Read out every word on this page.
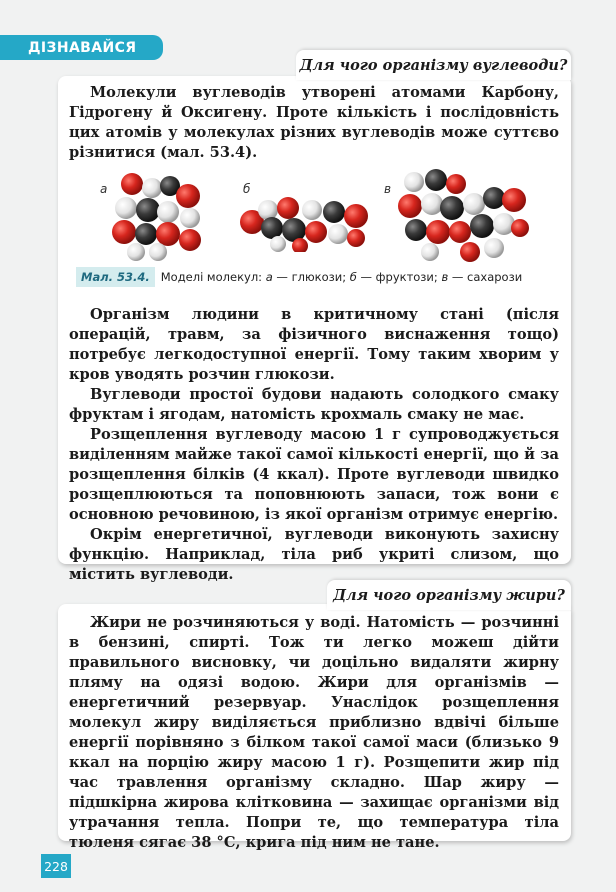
ДІЗНАВАЙСЯ
Для чого організму вуглеводи?

Молекули вуглеводів утворені атомами Карбону, Гідрогену й Оксигену. Проте кількість і послідовність цих атомів у молекулах різних вуглеводів може суттєво різнитися (мал. 53.4).

а	б	в
Мал. 53.4. Моделі молекул: а — глюкози; б — фруктози; в — сахарози

Організм людини в критичному стані (після операцій, травм, за фізичного виснаження тощо) потребує легкодоступної енергії. Тому таким хворим у кров уводять розчин глюкози.

Вуглеводи простої будови надають солодкого смаку фруктам і ягодам, натомість крохмаль смаку не має.

Розщеплення вуглеводу масою 1 г супроводжується виділенням майже такої самої кількості енергії, що й за розщеплення білків (4 ккал). Проте вуглеводи швидко розщеплюються та поповнюють запаси, тож вони є основною речовиною, із якої організм отримує енергію.

Окрім енергетичної, вуглеводи виконують захисну функцію. Наприклад, тіла риб укриті слизом, що містить вуглеводи.

Для чого організму жири?

Жири не розчиняються у воді. Натомість — розчинні в бензині, спирті. Тож ти легко можеш дійти правильного висновку, чи доцільно видаляти жирну пляму на одязі водою. Жири для організмів — енергетичний резервуар. Унаслідок розщеплення молекул жиру виділяється приблизно вдвічі більше енергії порівняно з білком такої самої маси (близько 9 ккал на порцію жиру масою 1 г). Розщепити жир під час травлення організму складно. Шар жиру — підшкірна жирова клітковина — захищає організми від утрачання тепла. Попри те, що температура тіла тюленя сягає 38 °С, крига під ним не тане.

228
